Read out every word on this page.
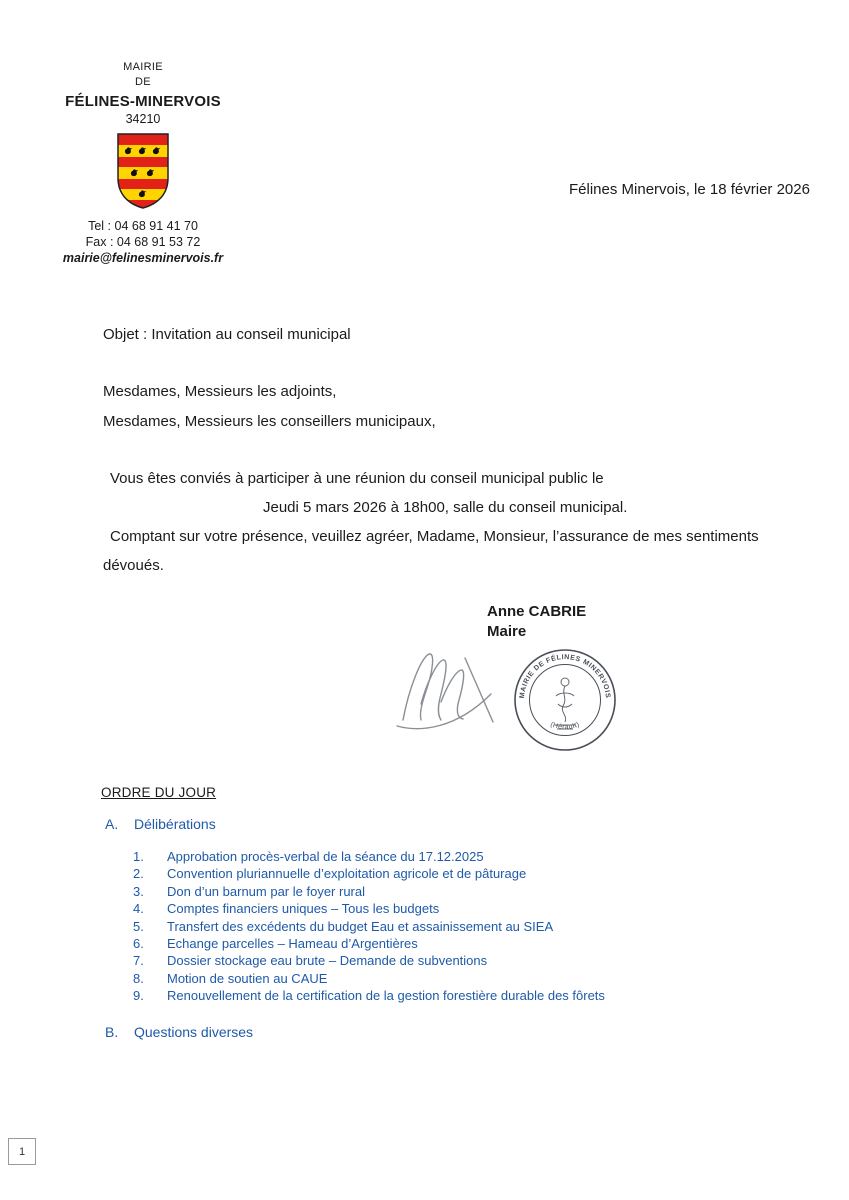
MAIRIE
DE
FÉLINES-MINERVOIS
34210
Tel : 04 68 91 41 70
Fax : 04 68 91 53 72
mairie@felinesminervois.fr
Félines Minervois, le 18 février 2026
Objet : Invitation au conseil municipal
Mesdames, Messieurs les adjoints,
Mesdames, Messieurs les conseillers municipaux,
Vous êtes conviés à participer à une réunion du conseil municipal public le
Jeudi 5 mars 2026 à 18h00, salle du conseil municipal.
Comptant sur votre présence, veuillez agréer, Madame, Monsieur, l’assurance de mes sentiments
dévoués.
Anne CABRIE
Maire
MAIRIE DE FÉLINES MINERVOIS
(Hérault)
ORDRE DU JOUR
A.	Délibérations
1.	Approbation procès-verbal de la séance du 17.12.2025
2.	Convention pluriannuelle d’exploitation agricole et de pâturage
3.	Don d’un barnum par le foyer rural
4.	Comptes financiers uniques – Tous les budgets
5.	Transfert des excédents du budget Eau et assainissement au SIEA
6.	Echange parcelles – Hameau d’Argentières
7.	Dossier stockage eau brute – Demande de subventions
8.	Motion de soutien au CAUE
9.	Renouvellement de la certification de la gestion forestière durable des fôrets
B.	Questions diverses
1
